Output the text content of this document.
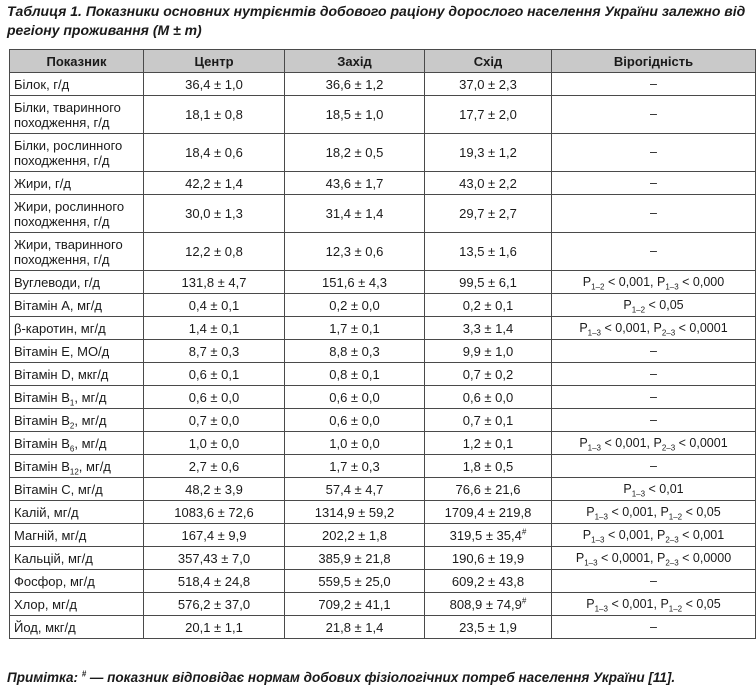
Таблиця 1. Показники основних нутрієнтів добового раціону дорослого населення України залежно від регіону проживання (M ± m)
Показник	Центр	Захід	Схід	Вірогідність
Білок, г/д	36,4 ± 1,0	36,6 ± 1,2	37,0 ± 2,3	–
Білки, тваринного походження, г/д	18,1 ± 0,8	18,5 ± 1,0	17,7 ± 2,0	–
Білки, рослинного походження, г/д	18,4 ± 0,6	18,2 ± 0,5	19,3 ± 1,2	–
Жири, г/д	42,2 ± 1,4	43,6 ± 1,7	43,0 ± 2,2	–
Жири, рослинного походження, г/д	30,0 ± 1,3	31,4 ± 1,4	29,7 ± 2,7	–
Жири, тваринного походження, г/д	12,2 ± 0,8	12,3 ± 0,6	13,5 ± 1,6	–
Вуглеводи, г/д	131,8 ± 4,7	151,6 ± 4,3	99,5 ± 6,1	$P_{1-2} < 0,001$, $P_{1-3} < 0,000$
Вітамін А, мг/д	0,4 ± 0,1	0,2 ± 0,0	0,2 ± 0,1	$P_{1-2} < 0,05$
β-каротин, мг/д	1,4 ± 0,1	1,7 ± 0,1	3,3 ± 1,4	$P_{1-3} < 0,001$, $P_{2-3} < 0,0001$
Вітамін Е, МО/д	8,7 ± 0,3	8,8 ± 0,3	9,9 ± 1,0	–
Вітамін D, мкг/д	0,6 ± 0,1	0,8 ± 0,1	0,7 ± 0,2	–
Вітамін $В_1$, мг/д	0,6 ± 0,0	0,6 ± 0,0	0,6 ± 0,0	–
Вітамін $В_2$, мг/д	0,7 ± 0,0	0,6 ± 0,0	0,7 ± 0,1	–
Вітамін $В_6$, мг/д	1,0 ± 0,0	1,0 ± 0,0	1,2 ± 0,1	$P_{1-3} < 0,001$, $P_{2-3} < 0,0001$
Вітамін $В_{12}$, мг/д	2,7 ± 0,6	1,7 ± 0,3	1,8 ± 0,5	–
Вітамін С, мг/д	48,2 ± 3,9	57,4 ± 4,7	76,6 ± 21,6	$P_{1-3} < 0,01$
Калій, мг/д	1083,6 ± 72,6	1314,9 ± 59,2	1709,4 ± 219,8	$P_{1-3} < 0,001$, $P_{1-2} < 0,05$
Магній, мг/д	167,4 ± 9,9	202,2 ± 1,8	319,5 ± 35,4#	$P_{1-3} < 0,001$, $P_{2-3} < 0,001$
Кальцій, мг/д	357,43 ± 7,0	385,9 ± 21,8	190,6 ± 19,9	$P_{1-3} < 0,0001$, $P_{2-3} < 0,0000$
Фосфор, мг/д	518,4 ± 24,8	559,5 ± 25,0	609,2 ± 43,8	–
Хлор, мг/д	576,2 ± 37,0	709,2 ± 41,1	808,9 ± 74,9#	$P_{1-3} < 0,001$, $P_{1-2} < 0,05$
Йод, мкг/д	20,1 ± 1,1	21,8 ± 1,4	23,5 ± 1,9	–
Примітка: # — показник відповідає нормам добових фізіологічних потреб населення України [11].
